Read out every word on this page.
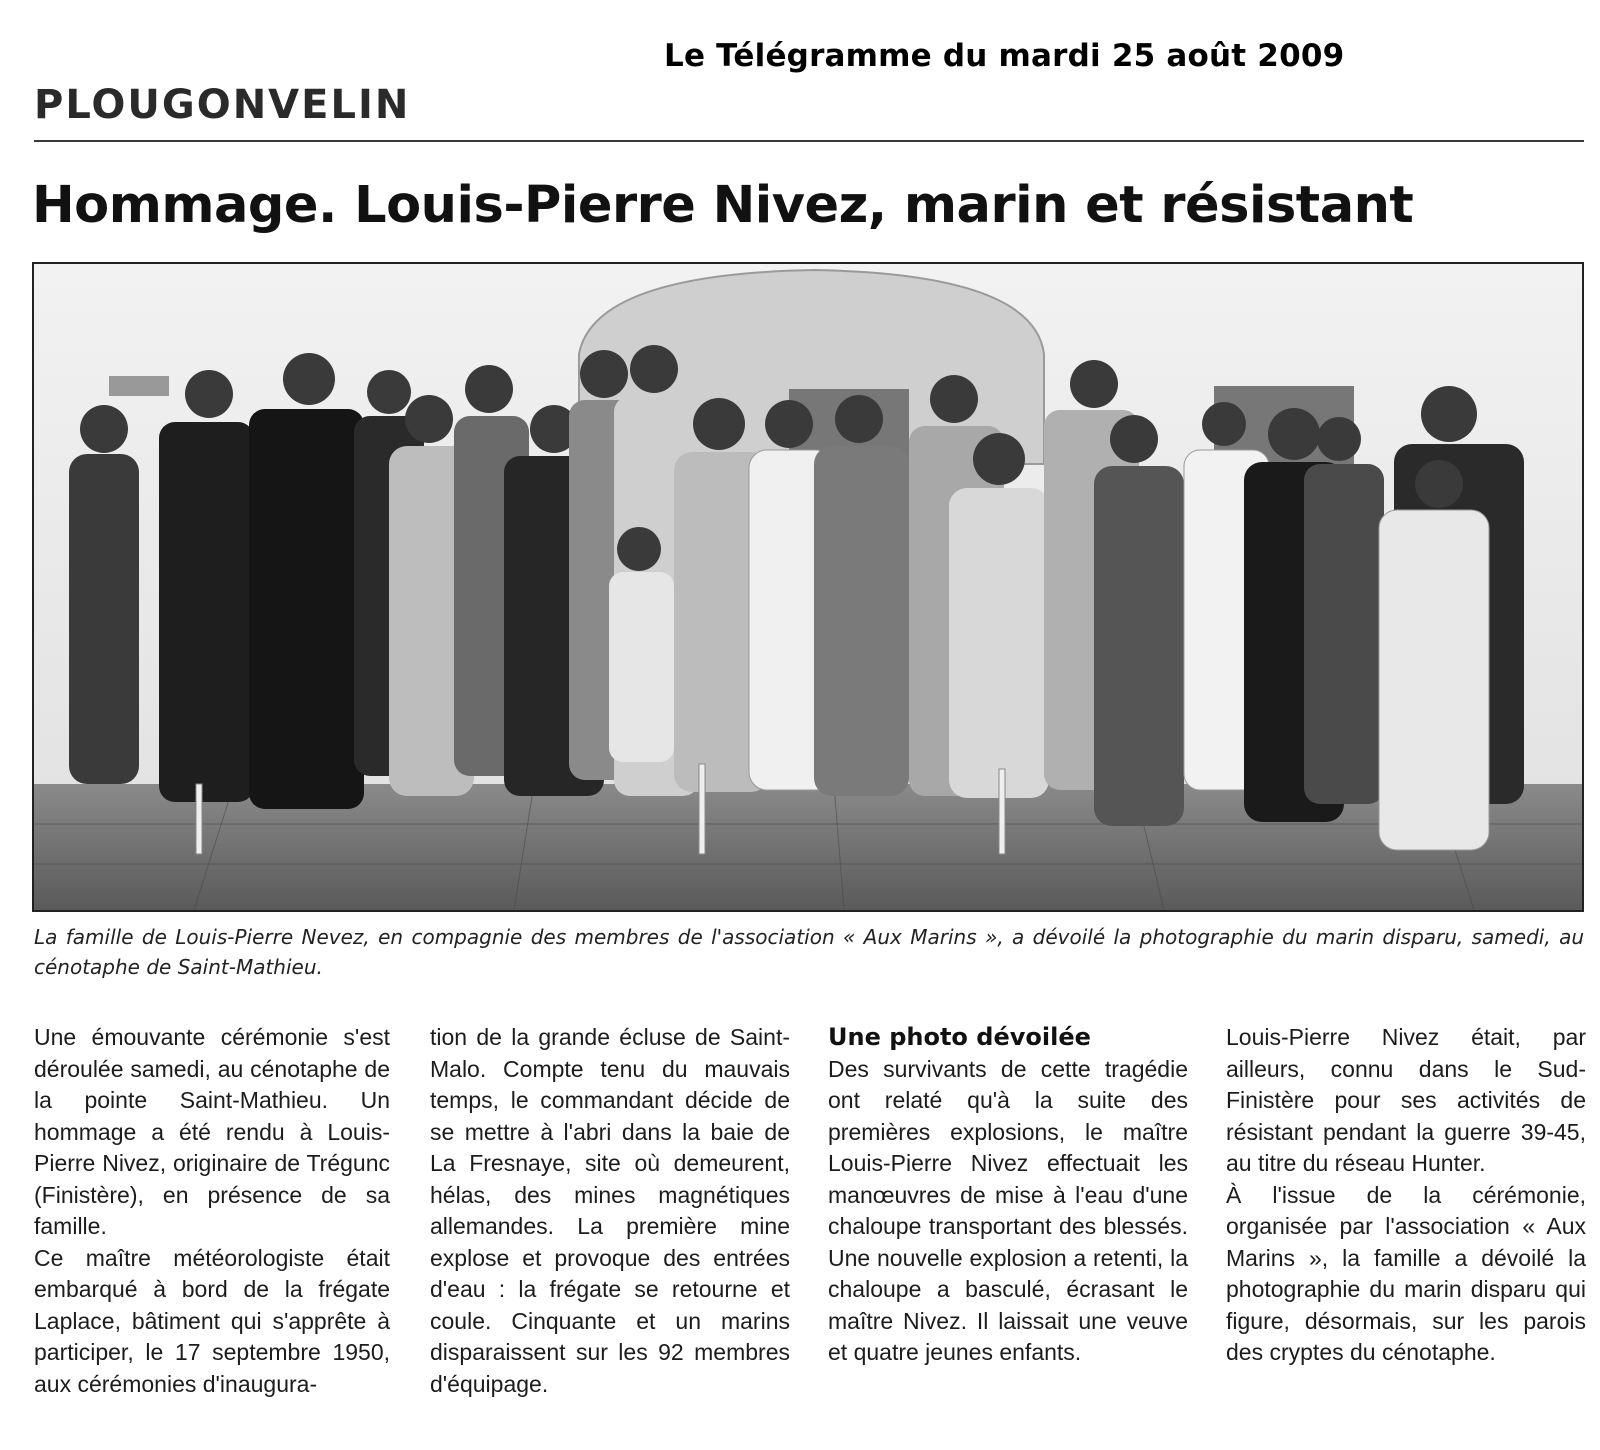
Le Télégramme du mardi 25 août 2009
PLOUGONVELIN
Hommage. Louis-Pierre Nivez, marin et résistant
La famille de Louis-Pierre Nevez, en compagnie des membres de l'association « Aux Marins », a dévoilé la photographie du marin disparu, samedi, au cénotaphe de Saint-Mathieu.

Une émouvante cérémonie s'est déroulée samedi, au cénotaphe de la pointe Saint-Mathieu. Un hommage a été rendu à Louis-Pierre Nivez, originaire de Trégunc (Finistère), en présence de sa famille.

Ce maître météorologiste était embarqué à bord de la frégate Laplace, bâtiment qui s'apprête à participer, le 17 septembre 1950, aux cérémonies d'inaugura-

tion de la grande écluse de Saint-Malo. Compte tenu du mauvais temps, le commandant décide de se mettre à l'abri dans la baie de La Fresnaye, site où demeurent, hélas, des mines magnétiques allemandes. La première mine explose et provoque des entrées d'eau : la frégate se retourne et coule. Cinquante et un marins disparaissent sur les 92 membres d'équipage.

Une photo dévoilée

Des survivants de cette tragédie ont relaté qu'à la suite des premières explosions, le maître Louis-Pierre Nivez effectuait les manœuvres de mise à l'eau d'une chaloupe transportant des blessés. Une nouvelle explosion a retenti, la chaloupe a basculé, écrasant le maître Nivez. Il laissait une veuve et quatre jeunes enfants.

Louis-Pierre Nivez était, par ailleurs, connu dans le Sud-Finistère pour ses activités de résistant pendant la guerre 39-45, au titre du réseau Hunter.

À l'issue de la cérémonie, organisée par l'association « Aux Marins », la famille a dévoilé la photographie du marin disparu qui figure, désormais, sur les parois des cryptes du cénotaphe.
